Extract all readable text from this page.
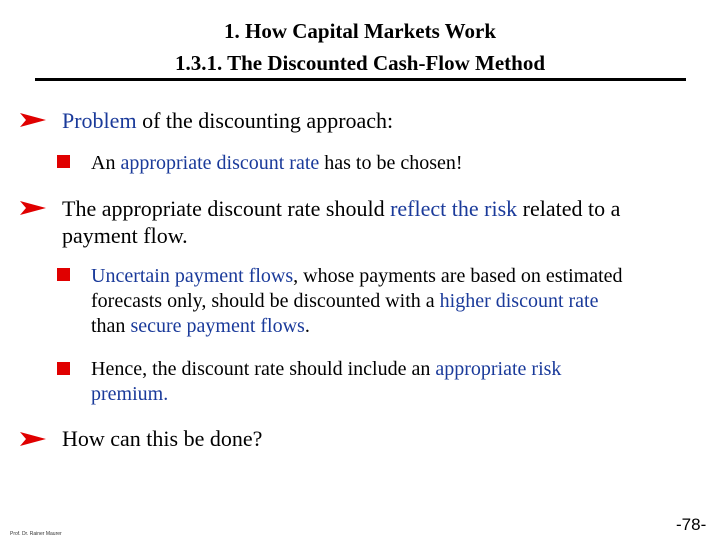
1. How Capital Markets Work
1.3.1. The Discounted Cash-Flow Method
Problem of the discounting approach:
An appropriate discount rate has to be chosen!
The appropriate discount rate should reflect the risk related to a
payment flow.
Uncertain payment flows, whose payments are based on estimated
forecasts only, should be discounted with a higher discount rate
than secure payment flows.
Hence, the discount rate should include an appropriate risk
premium.
How can this be done?
Prof. Dr. Rainer Maurer	-78-
